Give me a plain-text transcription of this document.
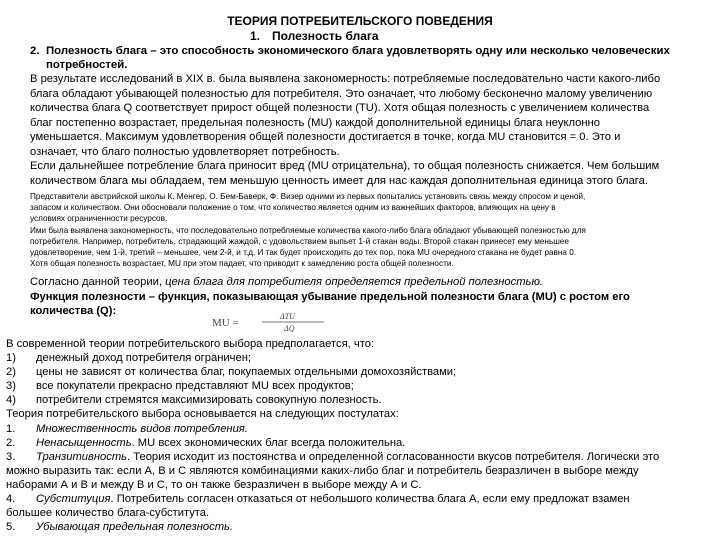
ТЕОРИЯ ПОТРЕБИТЕЛЬСКОГО ПОВЕДЕНИЯ
1. Полезность блага
2. Полезность блага – это способность экономического блага удовлетворять одну или несколько человеческих
потребностей.
В результате исследований в XIX в. была выявлена закономерность: потребляемые последовательно части какого-либо
блага обладают убывающей полезностью для потребителя. Это означает, что любому бесконечно малому увеличению
количества блага Q соответствует прирост общей полезности (TU). Хотя общая полезность с увеличением количества
благ постепенно возрастает, предельная полезность (MU) каждой дополнительной единицы блага неуклонно
уменьшается. Максимум удовлетворения общей полезности достигается в точке, когда MU становится = 0. Это и
означает, что благо полностью удовлетворяет потребность.
Если дальнейшее потребление блага приносит вред (MU отрицательна), то общая полезность снижается. Чем большим
количеством блага мы обладаем, тем меньшую ценность имеет для нас каждая дополнительная единица этого блага.
Представители австрийской школы К. Менгер, О. Бем-Баверк, Ф. Визер одними из первых попытались установить связь между спросом и ценой,
запасом и количеством. Они обосновали положение о том, что количество является одним из важнейших факторов, влияющих на цену в
условиях ограниченности ресурсов.
Ими была выявлена закономерность, что последовательно потребляемые количества какого-либо блага обладают убывающей полезностью для
потребителя. Например, потребитель, страдающий жаждой, с удовольствием выпьет 1-й стакан воды. Второй стакан принесет ему меньшее
удовлетворение, чем 1-й, третий – меньшее, чем 2-й, и т.д. И так будет происходить до тех пор, пока MU очередного стакана не будет равна 0.
Хотя общая полезность возрастает, MU при этом падает, что приводит к замедлению роста общей полезности.
Согласно данной теории, цена блага для потребителя определяется предельной полезностью.
Функция полезности – функция, показывающая убывание предельной полезности блага (MU) с ростом его
количества (Q):
MU =
ΔTU
ΔQ
В современной теории потребительского выбора предполагается, что:
1) денежный доход потребителя ограничен;
2) цены не зависят от количества благ, покупаемых отдельными домохозяйствами;
3) все покупатели прекрасно представляют MU всех продуктов;
4) потребители стремятся максимизировать совокупную полезность.
Теория потребительского выбора основывается на следующих постулатах:
1. Множественность видов потребления.
2. Ненасыщенность. MU всех экономических благ всегда положительна.
3. Транзитивность. Теория исходит из постоянства и определенной согласованности вкусов потребителя. Логически это
можно выразить так: если А, В и С являются комбинациями каких-либо благ и потребитель безразличен в выборе между
наборами А и В и между В и С, то он также безразличен в выборе между А и С.
4. Субституция. Потребитель согласен отказаться от небольшого количества блага А, если ему предложат взамен
большее количество блага-субститута.
5. Убывающая предельная полезность.
